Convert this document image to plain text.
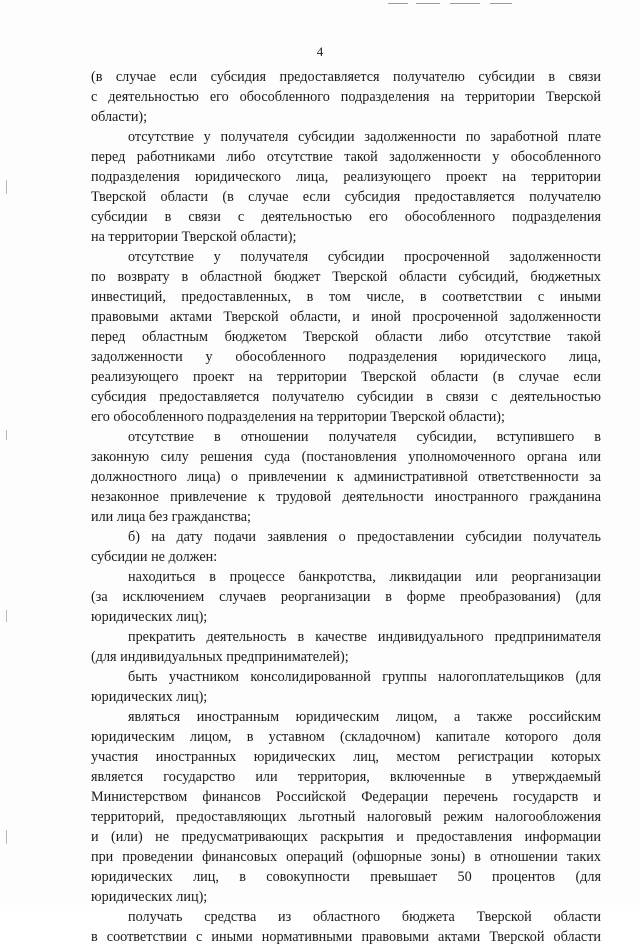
4
(в случае если субсидия предоставляется получателю субсидии в связи
с деятельностью его обособленного подразделения на территории Тверской
области);
отсутствие у получателя субсидии задолженности по заработной плате
перед работниками либо отсутствие такой задолженности у обособленного
подразделения юридического лица, реализующего проект на территории
Тверской области (в случае если субсидия предоставляется получателю
субсидии в связи с деятельностью его обособленного подразделения
на территории Тверской области);
отсутствие у получателя субсидии просроченной задолженности
по возврату в областной бюджет Тверской области субсидий, бюджетных
инвестиций, предоставленных, в том числе, в соответствии с иными
правовыми актами Тверской области, и иной просроченной задолженности
перед областным бюджетом Тверской области либо отсутствие такой
задолженности у обособленного подразделения юридического лица,
реализующего проект на территории Тверской области (в случае если
субсидия предоставляется получателю субсидии в связи с деятельностью
его обособленного подразделения на территории Тверской области);
отсутствие в отношении получателя субсидии, вступившего в
законную силу решения суда (постановления уполномоченного органа или
должностного лица) о привлечении к административной ответственности за
незаконное привлечение к трудовой деятельности иностранного гражданина
или лица без гражданства;
б) на дату подачи заявления о предоставлении субсидии получатель
субсидии не должен:
находиться в процессе банкротства, ликвидации или реорганизации
(за исключением случаев реорганизации в форме преобразования) (для
юридических лиц);
прекратить деятельность в качестве индивидуального предпринимателя
(для индивидуальных предпринимателей);
быть участником консолидированной группы налогоплательщиков (для
юридических лиц);
являться иностранным юридическим лицом, а также российским
юридическим лицом, в уставном (складочном) капитале которого доля
участия иностранных юридических лиц, местом регистрации которых
является государство или территория, включенные в утверждаемый
Министерством финансов Российской Федерации перечень государств и
территорий, предоставляющих льготный налоговый режим налогообложения
и (или) не предусматривающих раскрытия и предоставления информации
при проведении финансовых операций (офшорные зоны) в отношении таких
юридических лиц, в совокупности превышает 50 процентов (для
юридических лиц);
получать средства из областного бюджета Тверской области
в соответствии с иными нормативными правовыми актами Тверской области
